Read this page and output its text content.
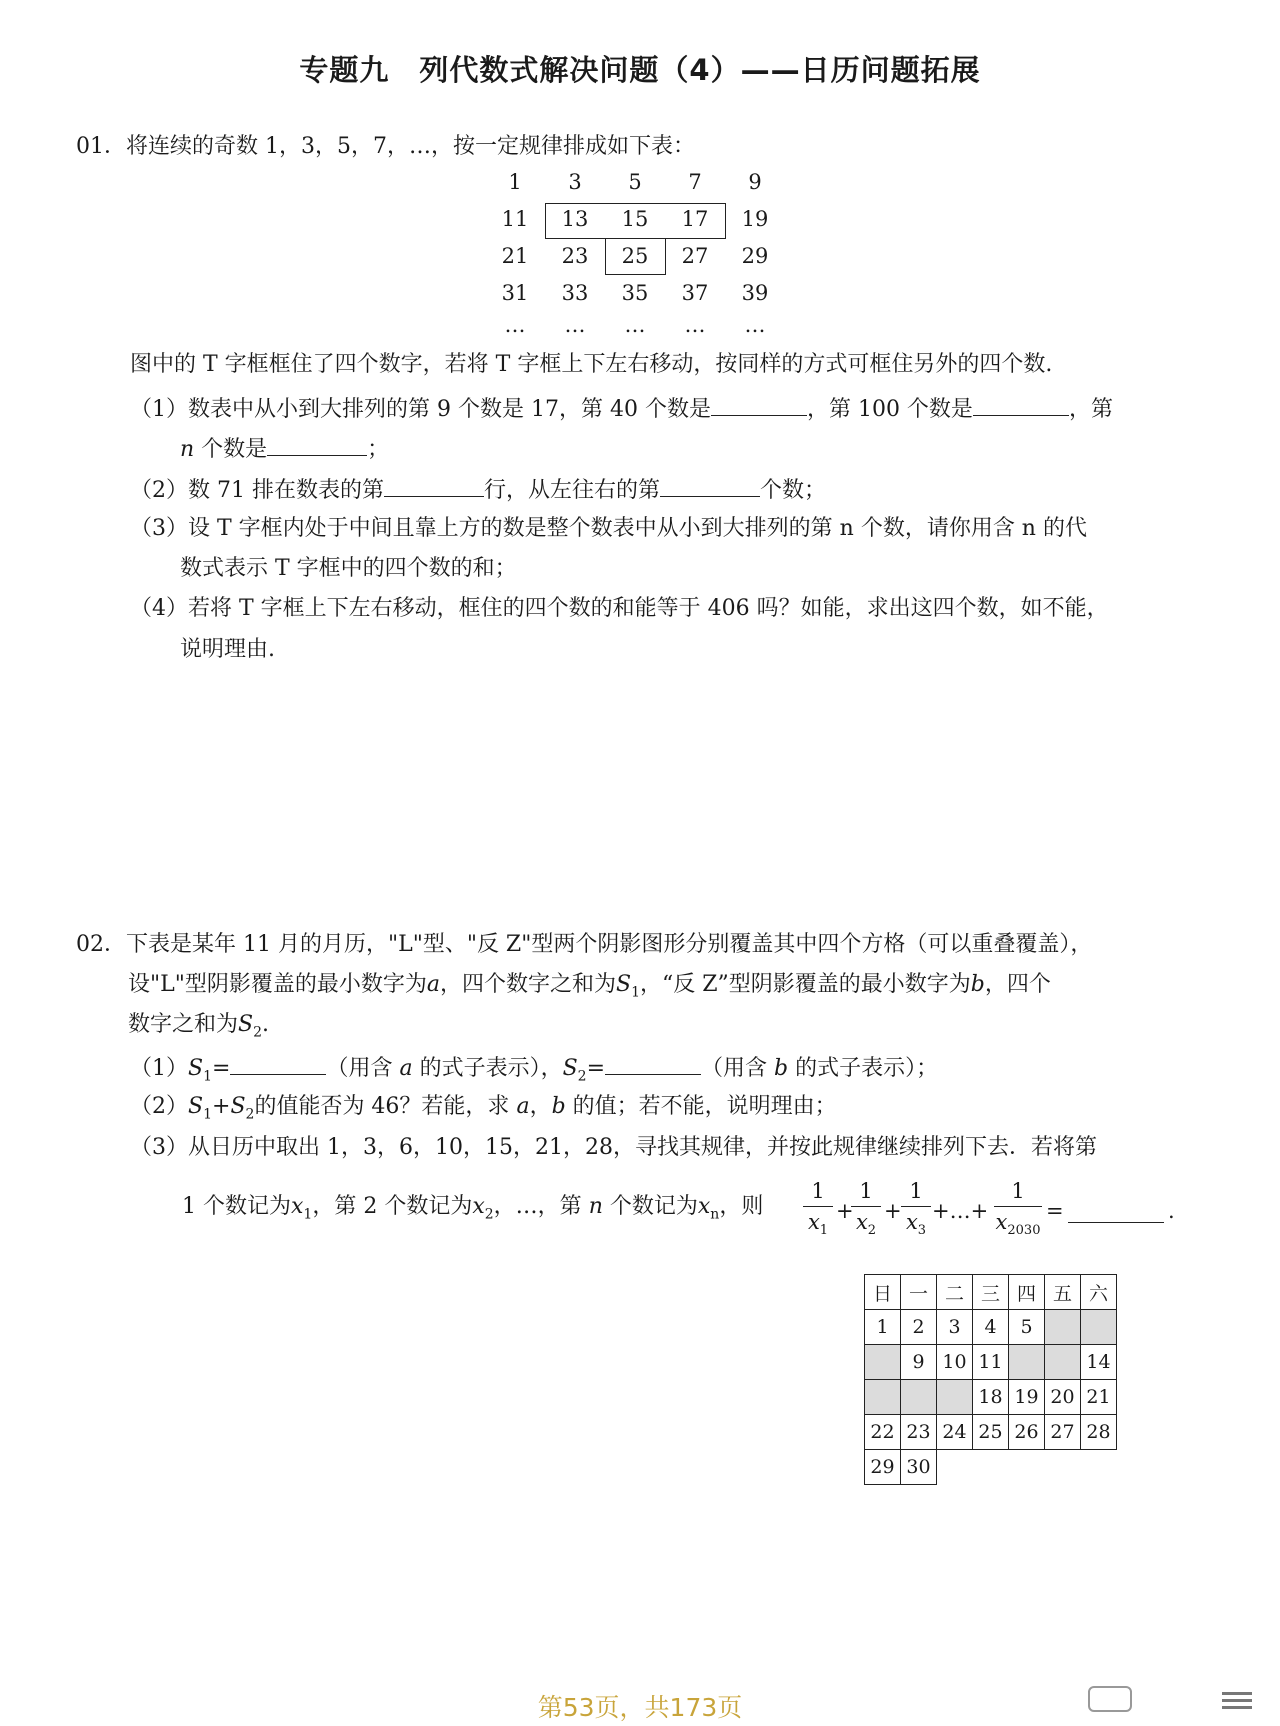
专题九　列代数式解决问题（4）——日历问题拓展
01．将连续的奇数 1，3，5，7，…，按一定规律排成如下表：
1	3	5	7	9
11	13	15	17	19
21	23	25	27	29
31	33	35	37	39
…	…	…	…	…
图中的 T 字框框住了四个数字，若将 T 字框上下左右移动，按同样的方式可框住另外的四个数.
（1）数表中从小到大排列的第 9 个数是 17，第 40 个数是	，第 100 个数是	，第
n 个数是	；
（2）数 71 排在数表的第	行，从左往右的第	个数；
（3）设 T 字框内处于中间且靠上方的数是整个数表中从小到大排列的第 n 个数，请你用含 n 的代
数式表示 T 字框中的四个数的和；
（4）若将 T 字框上下左右移动，框住的四个数的和能等于 406 吗？如能，求出这四个数，如不能，
说明理由.
02．下表是某年 11 月的月历，"L"型、"反 Z"型两个阴影图形分别覆盖其中四个方格（可以重叠覆盖），
设"L"型阴影覆盖的最小数字为a，四个数字之和为$S_1$，“反 Z”型阴影覆盖的最小数字为b，四个
数字之和为$S_2$.
$(1)S_1=$	（用含 a 的式子表示），$S_2=$	（用含 b 的式子表示）；
$(2)S_1+S_2$的值能否为 46？若能，求 a，b 的值；若不能，说明理由；
（3）从日历中取出 1，3，6，10，15，21，28，寻找其规律，并按此规律继续排列下去．若将第
1 个数记为$x_1$，第 2 个数记为$x_2$，…，第 n 个数记为$x_n$，则
1
$x_1$
1
$x_2$
1
$x_3$
1
$x_{2030}$
+ + +…+	=	.
日	一	二	三	四	五	六
1	2	3	4	5		
	9	10	11			14
			18	19	20	21
22	23	24	25	26	27	28
29	30					
第53页，共173页
